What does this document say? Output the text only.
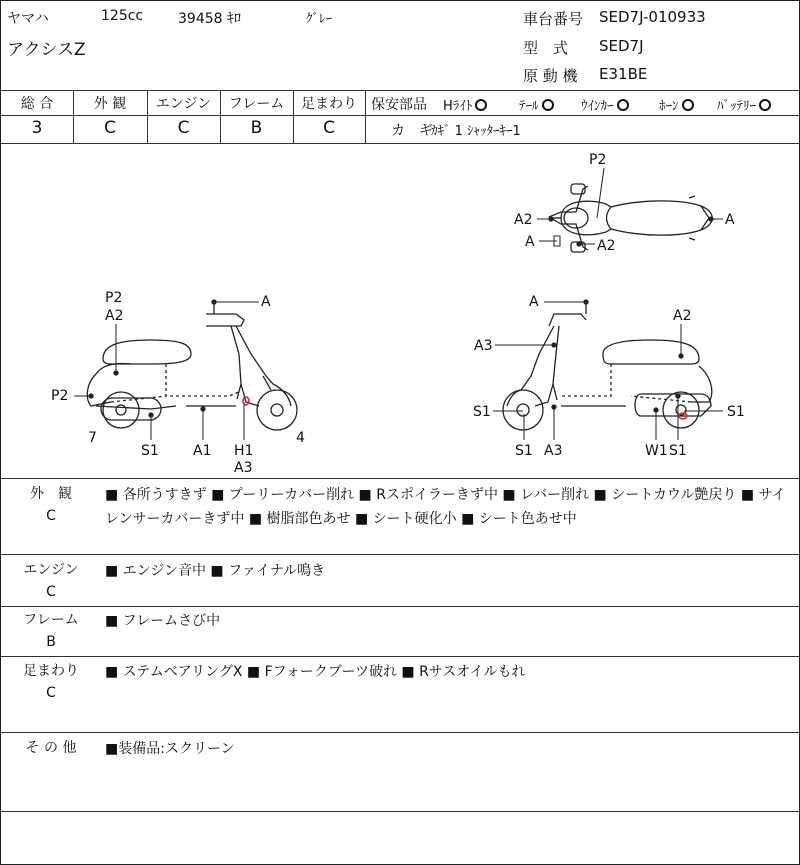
ヤマハ	125cc 39458 ｷﾛ	ｸﾞﾚｰ
アクシスZ
車台番号 SED7J-010933
型　式 SED7J
原 動 機 E31BE
総 合	外 観	エンジン	フレーム	足まわり
3	C	C	B	C
保安部品 Hﾗｲﾄ	ﾃｰﾙ	ｳｲﾝｶｰ	ﾎｰﾝ	ﾊﾞｯﾃﾘｰ
カ　ギ
ｶｷﾞ 1 ｼｬｯﾀｰｷｰ1
P2
A2	A
A	A2
P2
A2
A
P2
7
S1 A1 H1
A3
4
A
A2
A3
S1
S1 A3	W1 S1
S1
外　観
C
■ 各所うすきず ■ プーリーカバー削れ ■ Rスポイラーきず中 ■ レバー削れ ■ シートカウル艶戻り ■ サイレンサーカバーきず中 ■ 樹脂部色あせ ■ シート硬化小 ■ シート色あせ中
エンジン
C
■ エンジン音中 ■ ファイナル鳴き
フレーム
B
■ フレームさび中
足まわり
C
■ ステムベアリングX ■ Fフォークブーツ破れ ■ Rサスオイルもれ
そ の 他	■装備品:スクリーン
